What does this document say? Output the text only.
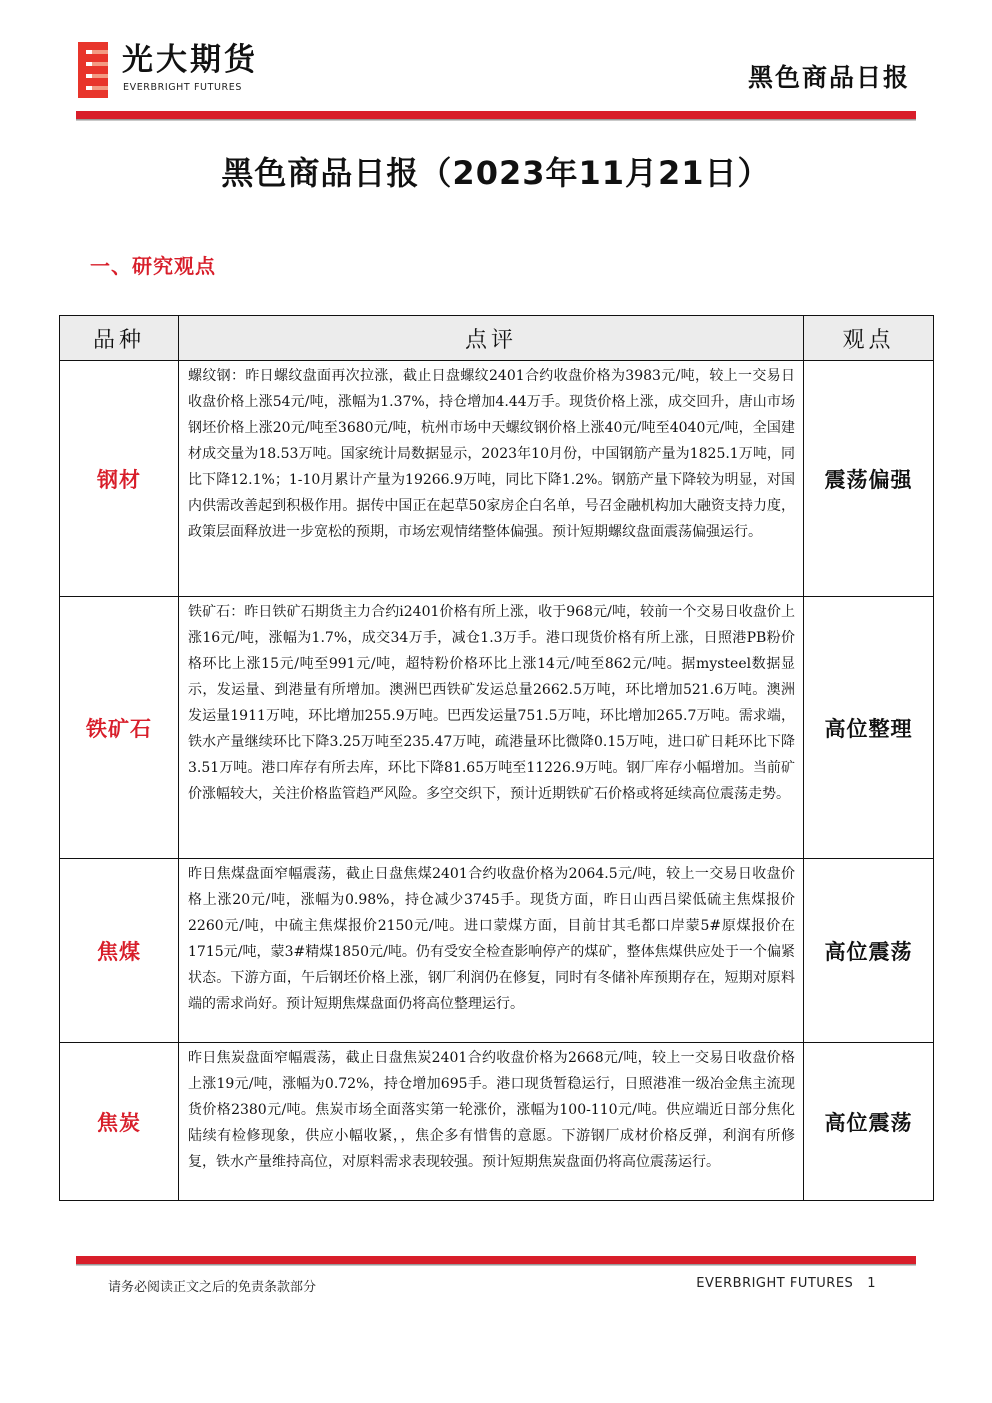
光大期货
EVERBRIGHT FUTURES	黑色商品日报
黑色商品日报（2023年11月21日）
一、研究观点
品种	点评	观点
钢材	螺纹钢：昨日螺纹盘面再次拉涨，截止日盘螺纹2401合约收盘价格为3983元/吨，较上一交易日收盘价格上涨54元/吨，涨幅为1.37%，持仓增加4.44万手。现货价格上涨，成交回升，唐山市场钢坯价格上涨20元/吨至3680元/吨，杭州市场中天螺纹钢价格上涨40元/吨至4040元/吨，全国建材成交量为18.53万吨。国家统计局数据显示，2023年10月份，中国钢筋产量为1825.1万吨，同比下降12.1%；1-10月累计产量为19266.9万吨，同比下降1.2%。钢筋产量下降较为明显，对国内供需改善起到积极作用。据传中国正在起草50家房企白名单，号召金融机构加大融资支持力度，政策层面释放进一步宽松的预期，市场宏观情绪整体偏强。预计短期螺纹盘面震荡偏强运行。	震荡偏强
铁矿石	铁矿石：昨日铁矿石期货主力合约i2401价格有所上涨，收于968元/吨，较前一个交易日收盘价上涨16元/吨，涨幅为1.7%，成交34万手，减仓1.3万手。港口现货价格有所上涨，日照港PB粉价格环比上涨15元/吨至991元/吨，超特粉价格环比上涨14元/吨至862元/吨。据mysteel数据显示，发运量、到港量有所增加。澳洲巴西铁矿发运总量2662.5万吨，环比增加521.6万吨。澳洲发运量1911万吨，环比增加255.9万吨。巴西发运量751.5万吨，环比增加265.7万吨。需求端，铁水产量继续环比下降3.25万吨至235.47万吨，疏港量环比微降0.15万吨，进口矿日耗环比下降3.51万吨。港口库存有所去库，环比下降81.65万吨至11226.9万吨。钢厂库存小幅增加。当前矿价涨幅较大，关注价格监管趋严风险。多空交织下，预计近期铁矿石价格或将延续高位震荡走势。	高位整理
焦煤	昨日焦煤盘面窄幅震荡，截止日盘焦煤2401合约收盘价格为2064.5元/吨，较上一交易日收盘价格上涨20元/吨，涨幅为0.98%，持仓减少3745手。现货方面，昨日山西吕梁低硫主焦煤报价2260元/吨，中硫主焦煤报价2150元/吨。进口蒙煤方面，目前甘其毛都口岸蒙5#原煤报价在1715元/吨，蒙3#精煤1850元/吨。仍有受安全检查影响停产的煤矿，整体焦煤供应处于一个偏紧状态。下游方面，午后钢坯价格上涨，钢厂利润仍在修复，同时有冬储补库预期存在，短期对原料端的需求尚好。预计短期焦煤盘面仍将高位整理运行。	高位震荡
焦炭	昨日焦炭盘面窄幅震荡，截止日盘焦炭2401合约收盘价格为2668元/吨，较上一交易日收盘价格上涨19元/吨，涨幅为0.72%，持仓增加695手。港口现货暂稳运行，日照港准一级冶金焦主流现货价格2380元/吨。焦炭市场全面落实第一轮涨价，涨幅为100-110元/吨。供应端近日部分焦化陆续有检修现象，供应小幅收紧，，焦企多有惜售的意愿。下游钢厂成材价格反弹，利润有所修复，铁水产量维持高位，对原料需求表现较强。预计短期焦炭盘面仍将高位震荡运行。	高位震荡
请务必阅读正文之后的免责条款部分	EVERBRIGHT FUTURES 1
